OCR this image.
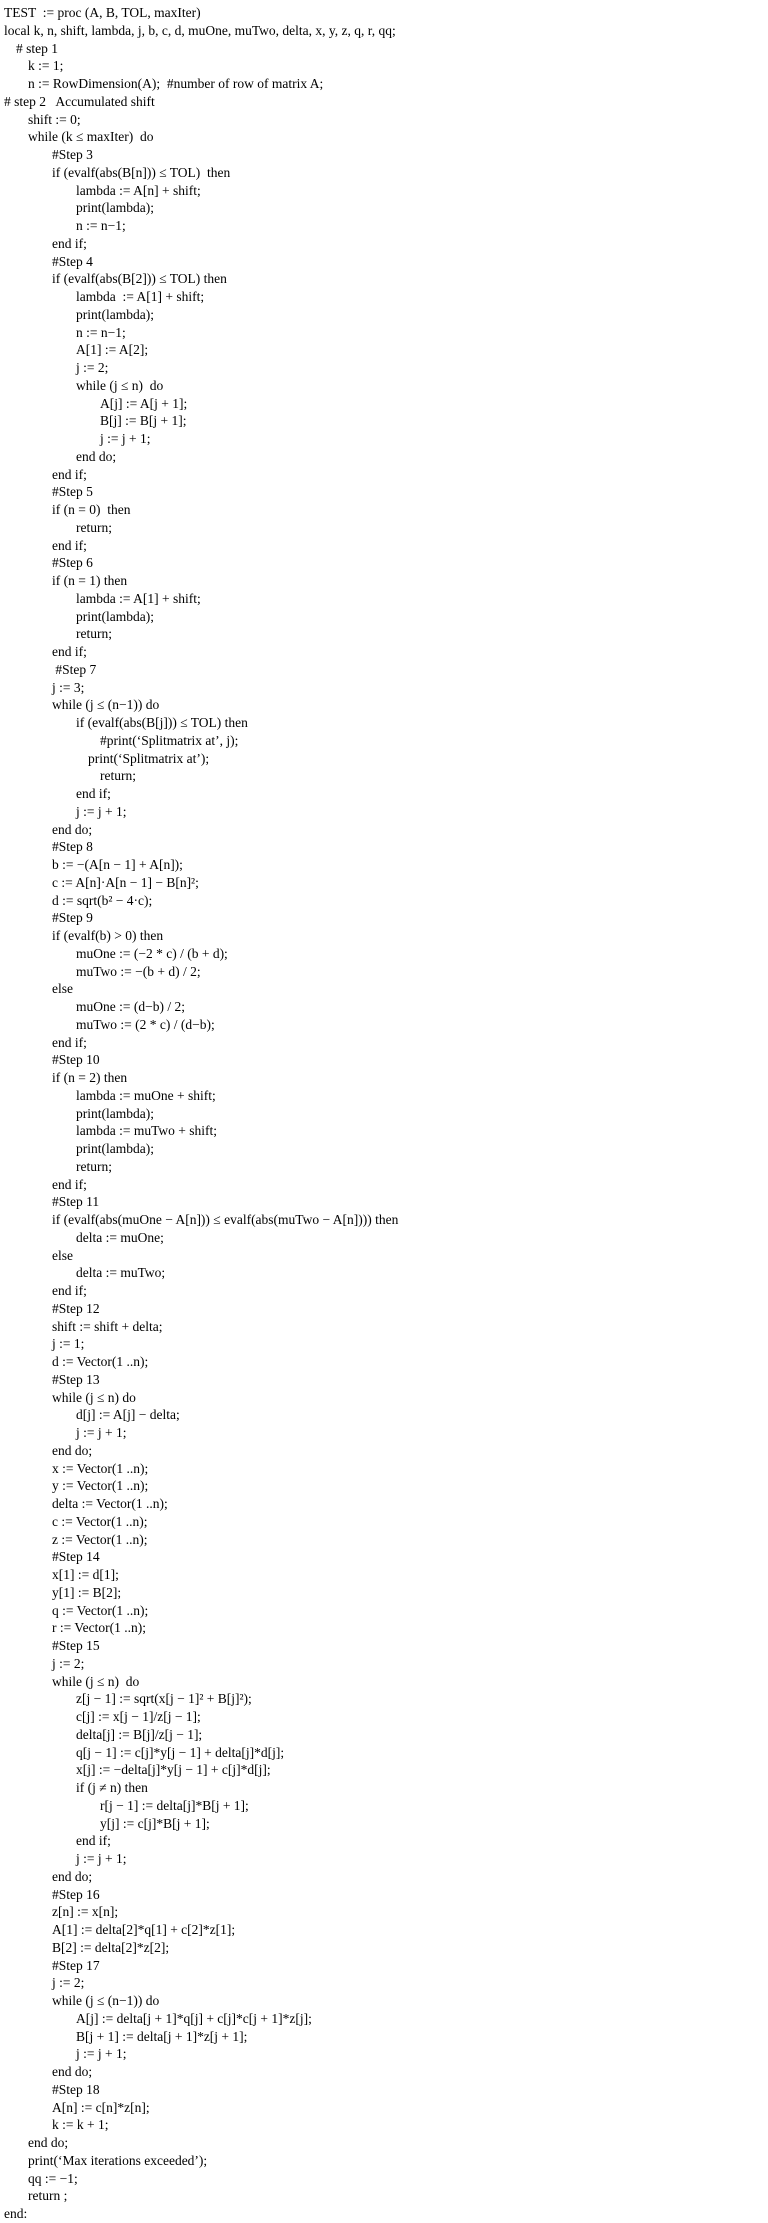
TEST  := proc (A, B, TOL, maxIter)
local k, n, shift, lambda, j, b, c, d, muOne, muTwo, delta, x, y, z, q, r, qq;
# step 1
k := 1;
n := RowDimension(A);  #number of row of matrix A;
# step 2   Accumulated shift
shift := 0;
while (k ≤ maxIter)  do
#Step 3
if (evalf(abs(B[n])) ≤ TOL)  then
lambda := A[n] + shift;
print(lambda);
n := n−1;
end if;
#Step 4
if (evalf(abs(B[2])) ≤ TOL) then
lambda  := A[1] + shift;
print(lambda);
n := n−1;
A[1] := A[2];
j := 2;
while (j ≤ n)  do
A[j] := A[j + 1];
B[j] := B[j + 1];
j := j + 1;
end do;
end if;
#Step 5
if (n = 0)  then
return;
end if;
#Step 6
if (n = 1) then
lambda := A[1] + shift;
print(lambda);
return;
end if;
#Step 7
j := 3;
while (j ≤ (n−1)) do
if (evalf(abs(B[j])) ≤ TOL) then
#print(‘Splitmatrix at’, j);
print(‘Splitmatrix at’);
return;
end if;
j := j + 1;
end do;
#Step 8
b := −(A[n − 1] + A[n]);
c := A[n]·A[n − 1] − B[n]²;
d := sqrt(b² − 4·c);
#Step 9
if (evalf(b) > 0) then
muOne := (−2 * c) / (b + d);
muTwo := −(b + d) / 2;
else
muOne := (d−b) / 2;
muTwo := (2 * c) / (d−b);
end if;
#Step 10
if (n = 2) then
lambda := muOne + shift;
print(lambda);
lambda := muTwo + shift;
print(lambda);
return;
end if;
#Step 11
if (evalf(abs(muOne − A[n])) ≤ evalf(abs(muTwo − A[n]))) then
delta := muOne;
else
delta := muTwo;
end if;
#Step 12
shift := shift + delta;
j := 1;
d := Vector(1 ..n);
#Step 13
while (j ≤ n) do
d[j] := A[j] − delta;
j := j + 1;
end do;
x := Vector(1 ..n);
y := Vector(1 ..n);
delta := Vector(1 ..n);
c := Vector(1 ..n);
z := Vector(1 ..n);
#Step 14
x[1] := d[1];
y[1] := B[2];
q := Vector(1 ..n);
r := Vector(1 ..n);
#Step 15
j := 2;
while (j ≤ n)  do
z[j − 1] := sqrt(x[j − 1]² + B[j]²);
c[j] := x[j − 1]/z[j − 1];
delta[j] := B[j]/z[j − 1];
q[j − 1] := c[j]*y[j − 1] + delta[j]*d[j];
x[j] := −delta[j]*y[j − 1] + c[j]*d[j];
if (j ≠ n) then
r[j − 1] := delta[j]*B[j + 1];
y[j] := c[j]*B[j + 1];
end if;
j := j + 1;
end do;
#Step 16
z[n] := x[n];
A[1] := delta[2]*q[1] + c[2]*z[1];
B[2] := delta[2]*z[2];
#Step 17
j := 2;
while (j ≤ (n−1)) do
A[j] := delta[j + 1]*q[j] + c[j]*c[j + 1]*z[j];
B[j + 1] := delta[j + 1]*z[j + 1];
j := j + 1;
end do;
#Step 18
A[n] := c[n]*z[n];
k := k + 1;
end do;
print(‘Max iterations exceeded’);
qq := −1;
return ;
end:
